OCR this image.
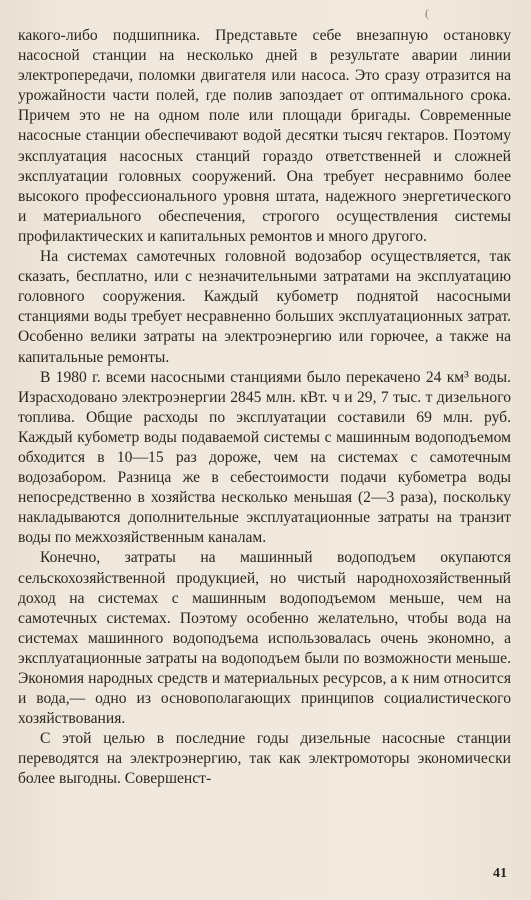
(

какого-либо подшипника. Представьте себе внезапную остановку насосной станции на несколько дней в результате аварии линии электропередачи, поломки двигателя или насоса. Это сразу отразится на урожайности части полей, где полив запоздает от оптимального срока. Причем это не на одном поле или площади бригады. Современные насосные станции обеспечивают водой десятки тысяч гектаров. Поэтому эксплуатация насосных станций гораздо ответственней и сложней эксплуатации головных сооружений. Она требует несравнимо более высокого профессионального уровня штата, надежного энергетического и материального обеспечения, строгого осуществления системы профилактических и капитальных ремонтов и много другого.

На системах самотечных головной водозабор осуществляется, так сказать, бесплатно, или с незначительными затратами на эксплуатацию головного сооружения. Каждый кубометр поднятой насосными станциями воды требует несравненно больших эксплуатационных затрат. Особенно велики затраты на электроэнергию или горючее, а также на капитальные ремонты.

В 1980 г. всеми насосными станциями было перекачено 24 км³ воды. Израсходовано электроэнергии 2845 млн. кВт. ч и 29, 7 тыс. т дизельного топлива. Общие расходы по эксплуатации составили 69 млн. руб. Каждый кубометр воды подаваемой системы с машинным водоподъемом обходится в 10—15 раз дороже, чем на системах с самотечным водозабором. Разница же в себестоимости подачи кубометра воды непосредственно в хозяйства несколько меньшая (2—3 раза), поскольку накладываются дополнительные эксплуатационные затраты на транзит воды по межхозяйственным каналам.

Конечно, затраты на машинный водоподъем окупаются сельскохозяйственной продукцией, но чистый народнохозяйственный доход на системах с машинным водоподъемом меньше, чем на самотечных системах. Поэтому особенно желательно, чтобы вода на системах машинного водоподъема использовалась очень экономно, а эксплуатационные затраты на водоподъем были по возможности меньше. Экономия народных средств и материальных ресурсов, а к ним относится и вода,— одно из основополагающих принципов социалистического хозяйствования.

С этой целью в последние годы дизельные насосные станции переводятся на электроэнергию, так как электромоторы экономически более выгодны. Совершенст-

41
